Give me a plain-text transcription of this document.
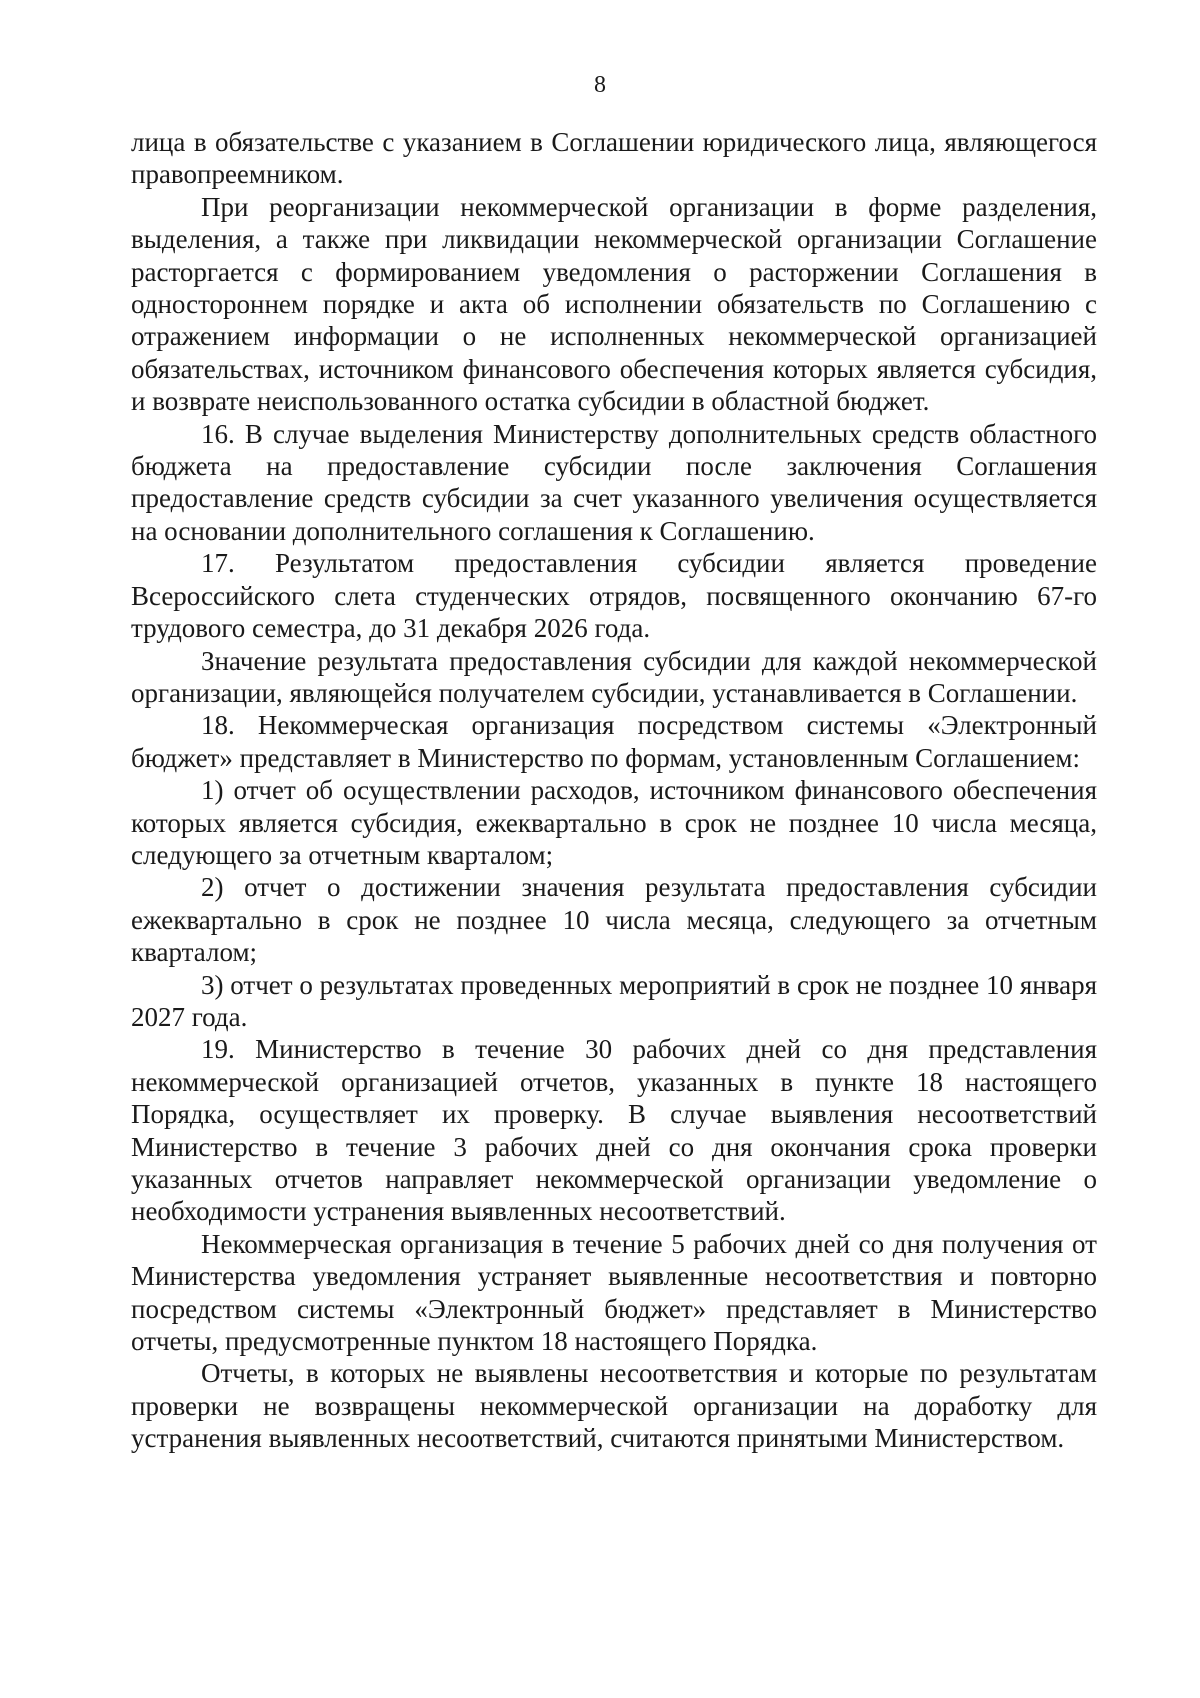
8

лица в обязательстве с указанием в Соглашении юридического лица, являющегося правопреемником.

При реорганизации некоммерческой организации в форме разделения, выделения, а также при ликвидации некоммерческой организации Соглашение расторгается с формированием уведомления о расторжении Соглашения в одностороннем порядке и акта об исполнении обязательств по Соглашению с отражением информации о не исполненных некоммерческой организацией обязательствах, источником финансового обеспечения которых является субсидия, и возврате неиспользованного остатка субсидии в областной бюджет.

16. В случае выделения Министерству дополнительных средств областного бюджета на предоставление субсидии после заключения Соглашения предоставление средств субсидии за счет указанного увеличения осуществляется на основании дополнительного соглашения к Соглашению.

17. Результатом предоставления субсидии является проведение Всероссийского слета студенческих отрядов, посвященного окончанию 67-го трудового семестра, до 31 декабря 2026 года.

Значение результата предоставления субсидии для каждой некоммерческой организации, являющейся получателем субсидии, устанавливается в Соглашении.

18. Некоммерческая организация посредством системы «Электронный бюджет» представляет в Министерство по формам, установленным Соглашением:

1) отчет об осуществлении расходов, источником финансового обеспечения которых является субсидия, ежеквартально в срок не позднее 10 числа месяца, следующего за отчетным кварталом;

2) отчет о достижении значения результата предоставления субсидии ежеквартально в срок не позднее 10 числа месяца, следующего за отчетным кварталом;

3) отчет о результатах проведенных мероприятий в срок не позднее 10 января 2027 года.

19. Министерство в течение 30 рабочих дней со дня представления некоммерческой организацией отчетов, указанных в пункте 18 настоящего Порядка, осуществляет их проверку. В случае выявления несоответствий Министерство в течение 3 рабочих дней со дня окончания срока проверки указанных отчетов направляет некоммерческой организации уведомление о необходимости устранения выявленных несоответствий.

Некоммерческая организация в течение 5 рабочих дней со дня получения от Министерства уведомления устраняет выявленные несоответствия и повторно посредством системы «Электронный бюджет» представляет в Министерство отчеты, предусмотренные пунктом 18 настоящего Порядка.

Отчеты, в которых не выявлены несоответствия и которые по результатам проверки не возвращены некоммерческой организации на доработку для устранения выявленных несоответствий, считаются принятыми Министерством.
